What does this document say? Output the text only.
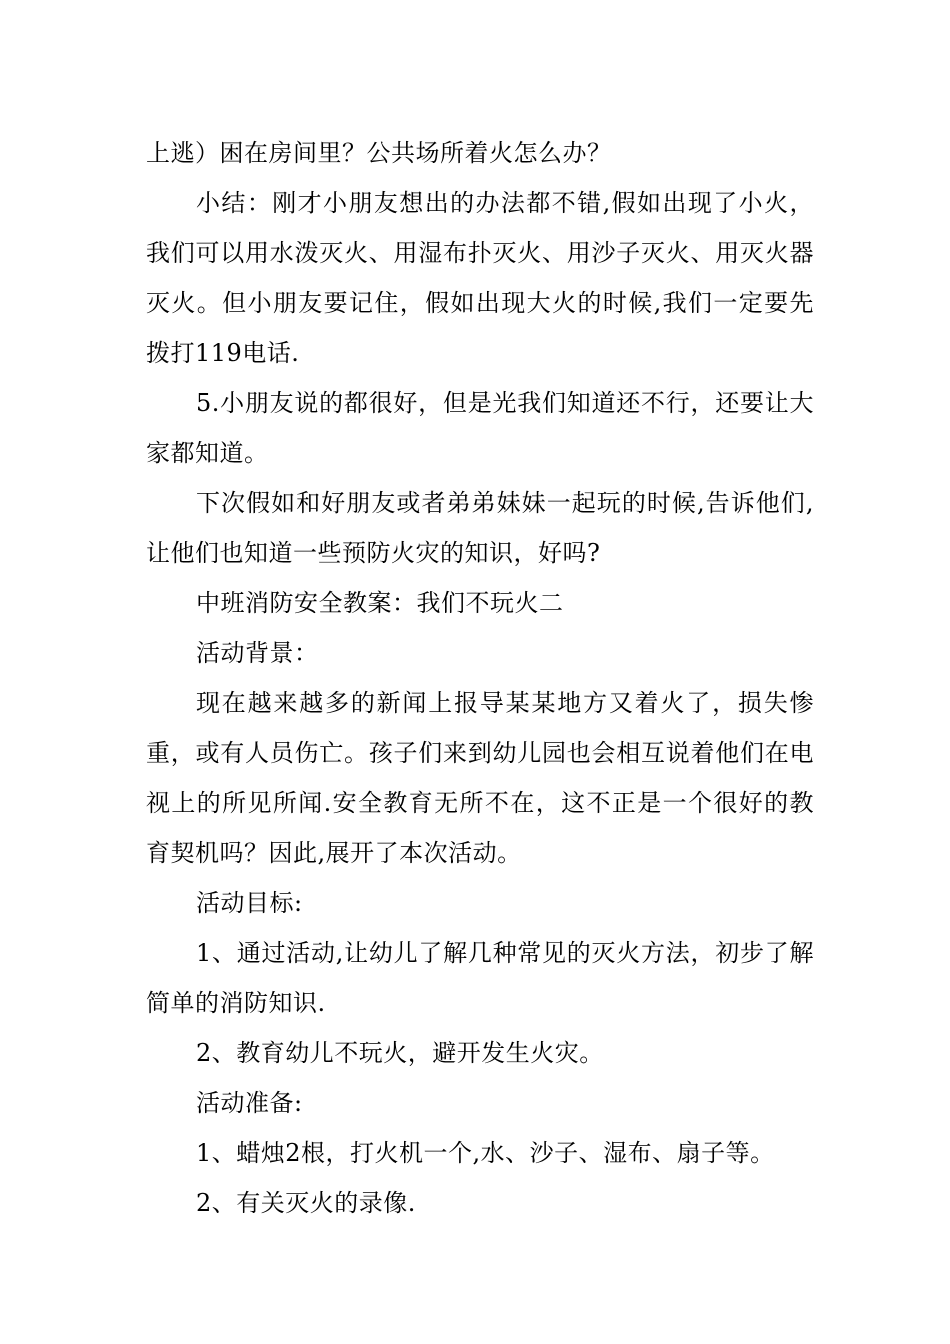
上逃）困在房间里？公共场所着火怎么办？

小结：刚才小朋友想出的办法都不错,假如出现了小火，我们可以用水泼灭火、用湿布扑灭火、用沙子灭火、用灭火器灭火。但小朋友要记住，假如出现大火的时候,我们一定要先拨打119电话.

5.小朋友说的都很好，但是光我们知道还不行，还要让大家都知道。

下次假如和好朋友或者弟弟妹妹一起玩的时候,告诉他们,让他们也知道一些预防火灾的知识，好吗?

中班消防安全教案：我们不玩火二

活动背景：

现在越来越多的新闻上报导某某地方又着火了，损失惨重，或有人员伤亡。孩子们来到幼儿园也会相互说着他们在电视上的所见所闻.安全教育无所不在，这不正是一个很好的教育契机吗？因此,展开了本次活动。

活动目标:

1、通过活动,让幼儿了解几种常见的灭火方法，初步了解简单的消防知识.

2、教育幼儿不玩火，避开发生火灾。

活动准备:

1、蜡烛2根，打火机一个,水、沙子、湿布、扇子等。

2、有关灭火的录像.
